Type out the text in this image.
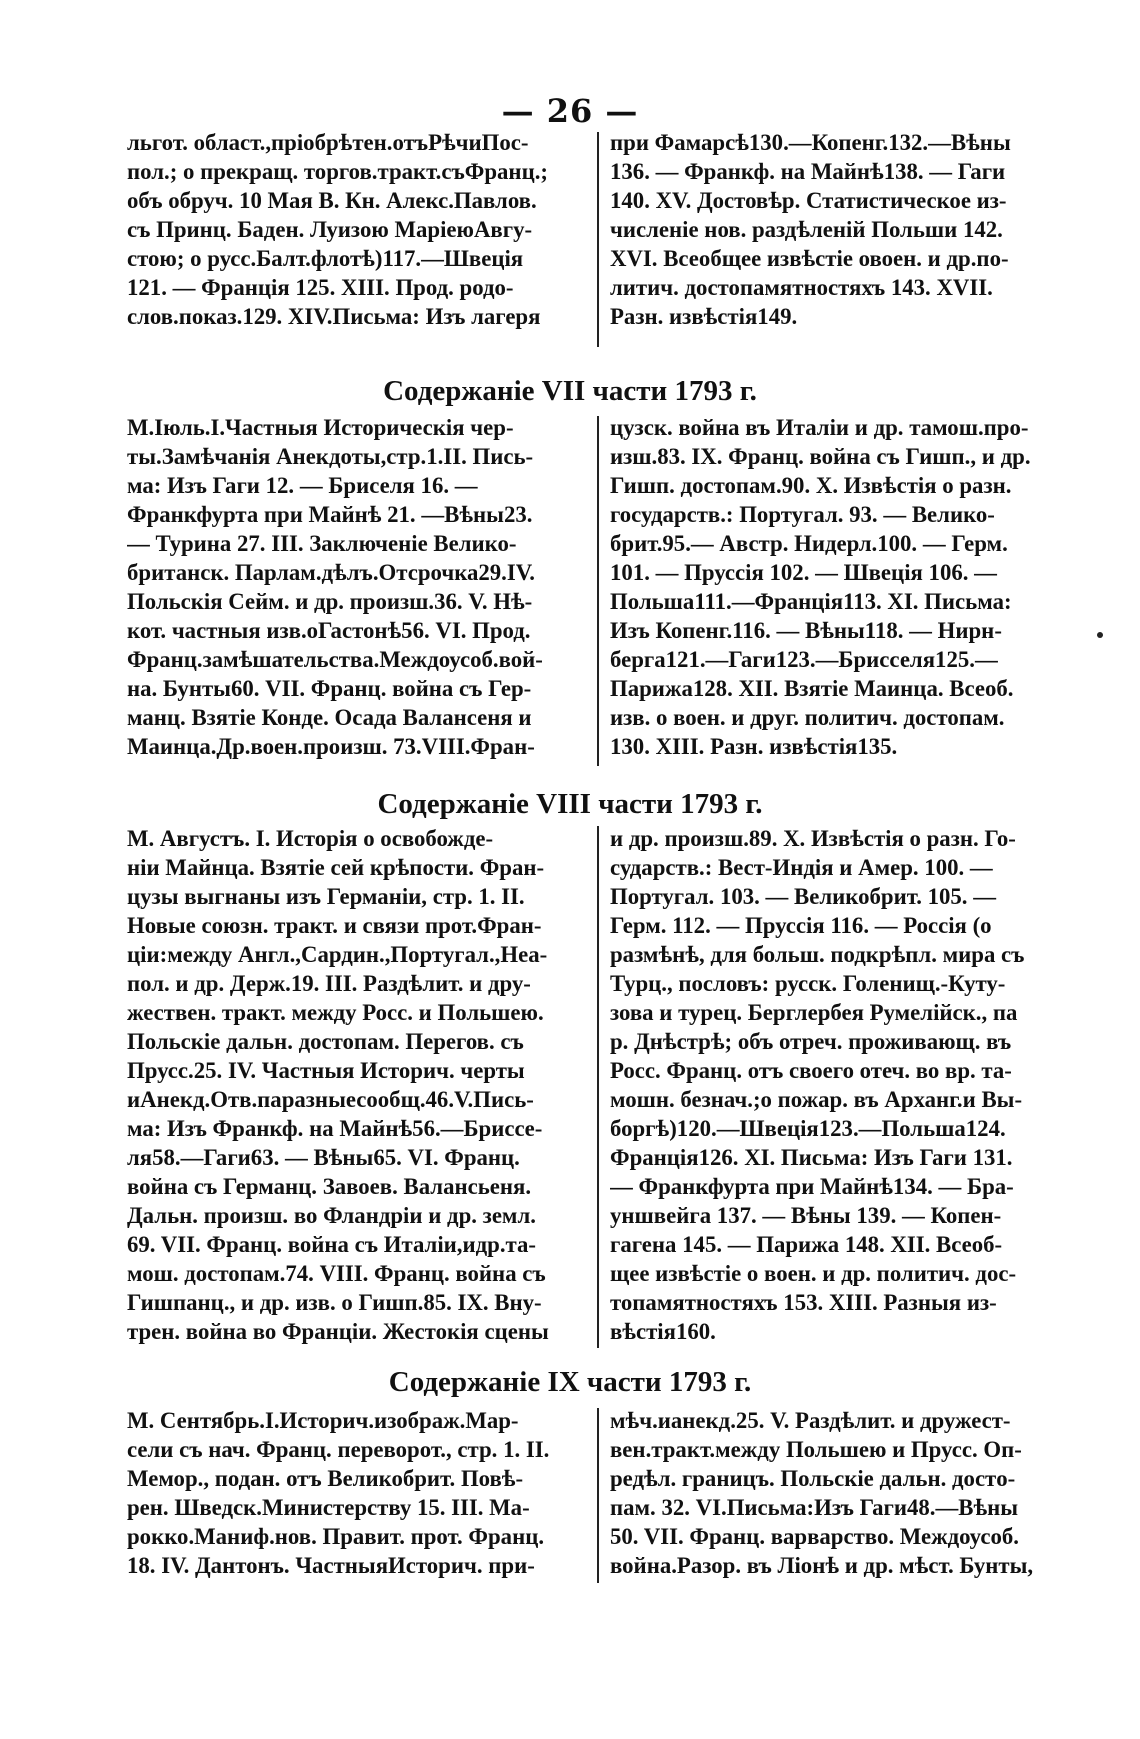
— 26 —
льгот. област.,пріобрѣтен.отъРѣчиПос-
пол.; о прекращ. торгов.тракт.съФранц.;
объ обруч. 10 Мая В. Кн. Алекс.Павлов.
съ Принц. Баден. Луизою МаріеюАвгу-
стою; о русс.Балт.флотѣ)117.—Швеція
121. — Франція 125. XIII. Прод. родо-
слов.показ.129. XIV.Письма: Изъ лагеря
при Фамарсѣ130.—Копенг.132.—Вѣны
136. — Франкф. на Майнѣ138. — Гаги
140. XV. Достовѣр. Статистическое из-
численіе нов. раздѣленій Польши 142.
XVI. Всеобщее извѣстіе овоен. и др.по-
литич. достопамятностяхъ 143. XVII.
Разн. извѣстія149.
Содержаніе VII части 1793 г.
М.Іюль.І.Частныя Историческія чер-
ты.Замѣчанія Анекдоты,стр.1.II. Пись-
ма: Изъ Гаги 12. — Бриселя 16. —
Франкфурта при Майнѣ 21. —Вѣны23.
— Турина 27. III. Заключеніе Велико-
британск. Парлам.дѣлъ.Отсрочка29.IV.
Польскія Сейм. и др. произш.36. V. Нѣ-
кот. частныя изв.оГастонѣ56. VI. Прод.
Франц.замѣшательства.Междоусоб.вой-
на. Бунты60. VII. Франц. война съ Гер-
манц. Взятіе Конде. Осада Валансеня и
Маинца.Др.воен.произш. 73.VIII.Фран-
цузск. война въ Италіи и др. тамош.про-
изш.83. IX. Франц. война съ Гишп., и др.
Гишп. достопам.90. X. Извѣстія о разн.
государств.: Португал. 93. — Велико-
брит.95.— Австр. Нидерл.100. — Герм.
101. — Пруссія 102. — Швеція 106. —
Польша111.—Франція113. XI. Письма:
Изъ Копенг.116. — Вѣны118. — Нирн-
берга121.—Гаги123.—Брисселя125.—
Парижа128. XII. Взятіе Маинца. Всеоб.
изв. о воен. и друг. политич. достопам.
130. XIII. Разн. извѣстія135.
Содержаніе VIII части 1793 г.
М. Августъ. І. Исторія о освобожде-
ніи Майнца. Взятіе сей крѣпости. Фран-
цузы выгнаны изъ Германіи, стр. 1. II.
Новые союзн. тракт. и связи прот.Фран-
ціи:между Англ.,Сардин.,Португал.,Неа-
пол. и др. Держ.19. III. Раздѣлит. и дру-
жествен. тракт. между Росс. и Польшею.
Польскіе дальн. достопам. Перегов. съ
Прусс.25. IV. Частныя Историч. черты
иАнекд.Отв.паразныесообщ.46.V.Пись-
ма: Изъ Франкф. на Майнѣ56.—Брисcе-
ля58.—Гаги63. — Вѣны65. VI. Франц.
война съ Германц. Завоев. Валансьеня.
Дальн. произш. во Фландріи и др. земл.
69. VII. Франц. война съ Италіи,идр.та-
мош. достопам.74. VIII. Франц. война съ
Гишпанц., и др. изв. о Гишп.85. IX. Вну-
трен. война во Франціи. Жестокія сцены
и др. произш.89. X. Извѣстія о разн. Го-
сударств.: Вест-Индія и Амер. 100. —
Португал. 103. — Великобрит. 105. —
Герм. 112. — Пруссія 116. — Россія (о
размѣнѣ, для больш. подкрѣпл. мира съ
Турц., пословъ: русск. Голенищ.-Куту-
зова и турец. Берглербея Румелійск., па
р. Днѣстрѣ; объ отреч. проживающ. въ
Росс. Франц. отъ своего отеч. во вр. та-
мошн. безнач.;о пожар. въ Арханг.и Вы-
боргѣ)120.—Швеція123.—Польша124.
Франція126. XI. Письма: Изъ Гаги 131.
— Франкфурта при Майнѣ134. — Бра-
уншвейга 137. — Вѣны 139. — Копен-
гагена 145. — Парижа 148. XII. Всеоб-
щее извѣстіе о воен. и др. политич. дос-
топамятностяхъ 153. XIII. Разныя из-
вѣстія160.
Содержаніе IX части 1793 г.
М. Сентябрь.І.Историч.изображ.Мар-
сели съ нач. Франц. переворот., стр. 1. II.
Мемор., подан. отъ Великобрит. Повѣ-
рен. Шведск.Министерству 15. III. Ма-
рокко.Маниф.нов. Правит. прот. Франц.
18. IV. Дантонъ. ЧастныяИсторич. при-
мѣч.ианекд.25. V. Раздѣлит. и дружест-
вен.тракт.между Польшею и Прусс. Оп-
редѣл. границъ. Польскіе дальн. достo-
пам. 32. VI.Письма:Изъ Гаги48.—Вѣны
50. VII. Франц. варварство. Междоусоб.
война.Разор. въ Ліонѣ и др. мѣст. Бунты,
